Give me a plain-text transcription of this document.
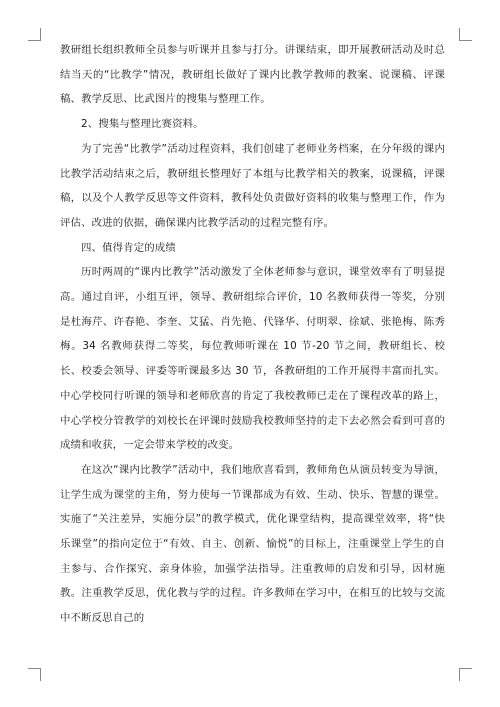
教研组长组织教师全员参与听课并且参与打分。讲课结束，即开展教研活动及时总结当天的“比教学”情况，教研组长做好了课内比教学教师的教案、说课稿、评课稿、教学反思、比武图片的搜集与整理工作。

2、搜集与整理比赛资料。

为了完善“比教学”活动过程资料，我们创建了老师业务档案，在分年级的课内比教学活动结束之后，教研组长整理好了本组与比教学相关的教案，说课稿，评课稿，以及个人教学反思等文件资料，教科处负责做好资料的收集与整理工作，作为评估、改进的依据，确保课内比教学活动的过程完整有序。

四、值得肯定的成绩

历时两周的“课内比教学”活动激发了全体老师参与意识，课堂效率有了明显提高。通过自评，小组互评，领导、教研组综合评价，10 名教师获得一等奖，分别是杜海芹、许春艳、李奎、艾猛、肖先艳、代锋华、付明翠、徐斌、张艳梅、陈秀梅。34 名教师获得二等奖，每位教师听课在 10 节-20 节之间，教研组长、校长、校委会领导、评委等听课最多达 30 节，各教研组的工作开展得丰富而扎实。中心学校同行听课的领导和老师欣喜的肯定了我校教师已走在了课程改革的路上，中心学校分管教学的刘校长在评课时鼓励我校教师坚持的走下去必然会看到可喜的成绩和收获，一定会带来学校的改变。

在这次“课内比教学”活动中，我们地欣喜看到，教师角色从演员转变为导演，让学生成为课堂的主角，努力使每一节课都成为有效、生动、快乐、智慧的课堂。实施了“关注差异，实施分层”的教学模式，优化课堂结构，提高课堂效率，将“快乐课堂”的指向定位于“有效、自主、创新、愉悦”的目标上，注重课堂上学生的自主参与、合作探究、亲身体验，加强学法指导。注重教师的启发和引导，因材施教。注重教学反思，优化教与学的过程。许多教师在学习中，在相互的比较与交流中不断反思自己的
